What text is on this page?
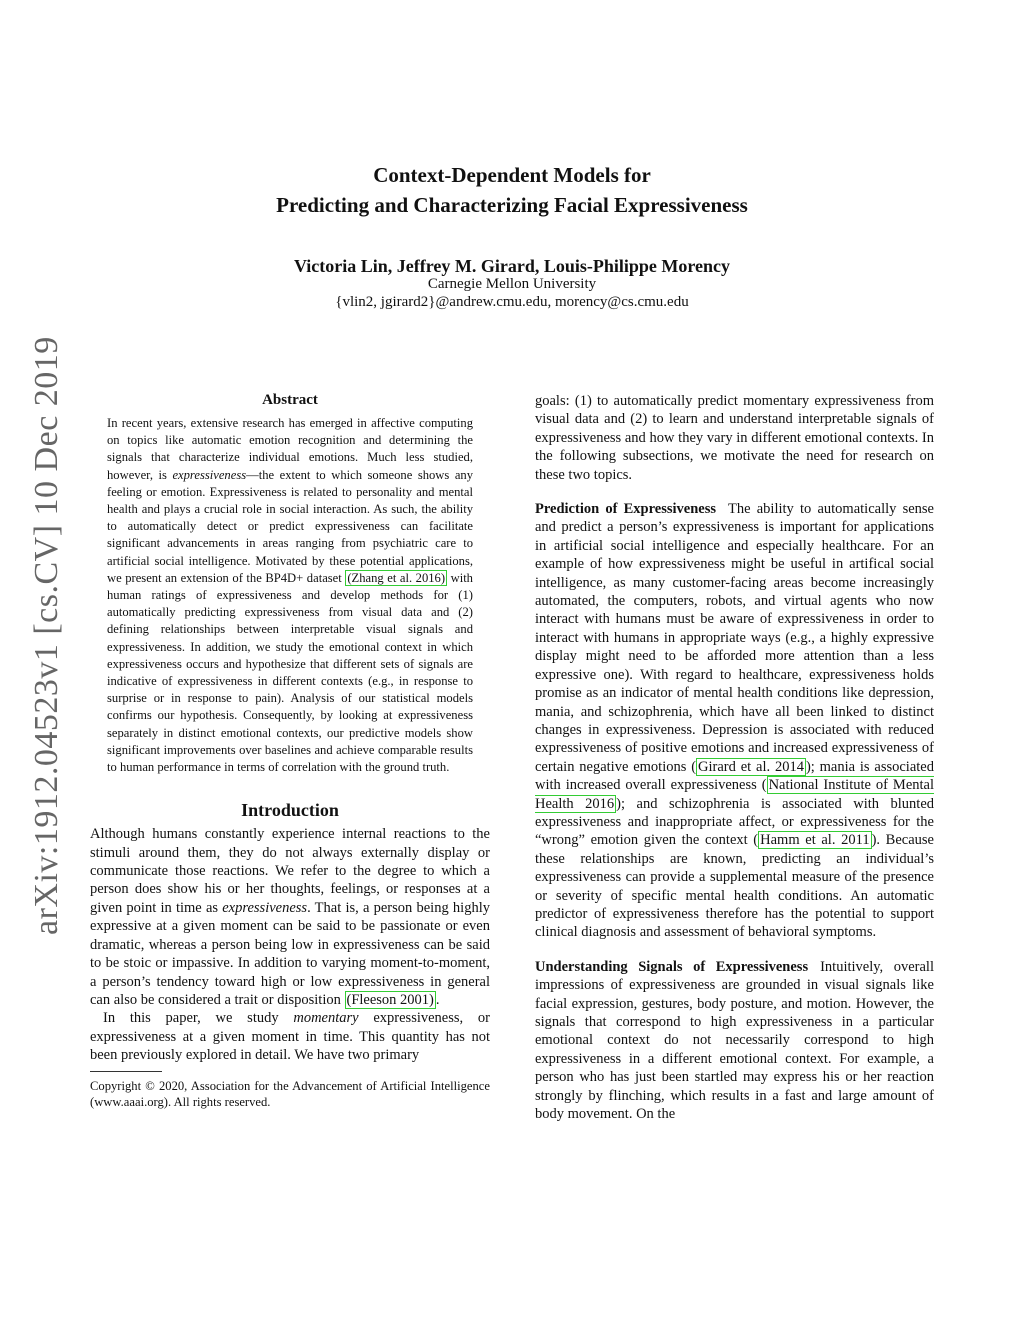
Context-Dependent Models for
Predicting and Characterizing Facial Expressiveness
Victoria Lin, Jeffrey M. Girard, Louis-Philippe Morency
Carnegie Mellon University
{vlin2, jgirard2}@andrew.cmu.edu, morency@cs.cmu.edu
arXiv:1912.04523v1 [cs.CV] 10 Dec 2019	Abstract

In recent years, extensive research has emerged in affective computing on topics like automatic emotion recognition and determining the signals that characterize individual emotions. Much less studied, however, is expressiveness—the extent to which someone shows any feeling or emotion. Expressiveness is related to personality and mental health and plays a crucial role in social interaction. As such, the ability to automatically detect or predict expressiveness can facilitate significant advancements in areas ranging from psychiatric care to artificial social intelligence. Motivated by these potential applications, we present an extension of the BP4D+ dataset (Zhang et al. 2016) with human ratings of expressiveness and develop methods for (1) automatically predicting expressiveness from visual data and (2) defining relationships between interpretable visual signals and expressiveness. In addition, we study the emotional context in which expressiveness occurs and hypothesize that different sets of signals are indicative of expressiveness in different contexts (e.g., in response to surprise or in response to pain). Analysis of our statistical models confirms our hypothesis. Consequently, by looking at expressiveness separately in distinct emotional contexts, our predictive models show significant improvements over baselines and achieve comparable results to human performance in terms of correlation with the ground truth.

Introduction

Although humans constantly experience internal reactions to the stimuli around them, they do not always externally display or communicate those reactions. We refer to the degree to which a person does show his or her thoughts, feelings, or responses at a given point in time as expressiveness. That is, a person being highly expressive at a given moment can be said to be passionate or even dramatic, whereas a person being low in expressiveness can be said to be stoic or impassive. In addition to varying moment-to-moment, a person’s tendency toward high or low expressiveness in general can also be considered a trait or disposition (Fleeson 2001) .

In this paper, we study momentary expressiveness, or expressiveness at a given moment in time. This quantity has not been previously explored in detail. We have two primary

Copyright © 2020, Association for the Advancement of Artificial Intelligence (www.aaai.org). All rights reserved.

goals: (1) to automatically predict momentary expressiveness from visual data and (2) to learn and understand interpretable signals of expressiveness and how they vary in different emotional contexts. In the following subsections, we motivate the need for research on these two topics.

Prediction of Expressiveness The ability to automatically sense and predict a person’s expressiveness is important for applications in artificial social intelligence and especially healthcare. For an example of how expressiveness might be useful in artifical social intelligence, as many customer-facing areas become increasingly automated, the computers, robots, and virtual agents who now interact with humans must be aware of expressiveness in order to interact with humans in appropriate ways (e.g., a highly expressive display might need to be afforded more attention than a less expressive one). With regard to healthcare, expressiveness holds promise as an indicator of mental health conditions like depression, mania, and schizophrenia, which have all been linked to distinct changes in expressiveness. Depression is associated with reduced expressiveness of positive emotions and increased expressiveness of certain negative emotions ( Girard et al. 2014 ); mania is associated with increased overall expressiveness ( National Institute of Mental Health 2016 ); and schizophrenia is associated with blunted expressiveness and inappropriate affect, or expressiveness for the “wrong” emotion given the context ( Hamm et al. 2011 ). Because these relationships are known, predicting an individual’s expressiveness can provide a supplemental measure of the presence or severity of specific mental health conditions. An automatic predictor of expressiveness therefore has the potential to support clinical diagnosis and assessment of behavioral symptoms.

Understanding Signals of Expressiveness Intuitively, overall impressions of expressiveness are grounded in visual signals like facial expression, gestures, body posture, and motion. However, the signals that correspond to high expressiveness in a particular emotional context do not necessarily correspond to high expressiveness in a different emotional context. For example, a person who has just been startled may express his or her reaction strongly by flinching, which results in a fast and large amount of body movement. On the
